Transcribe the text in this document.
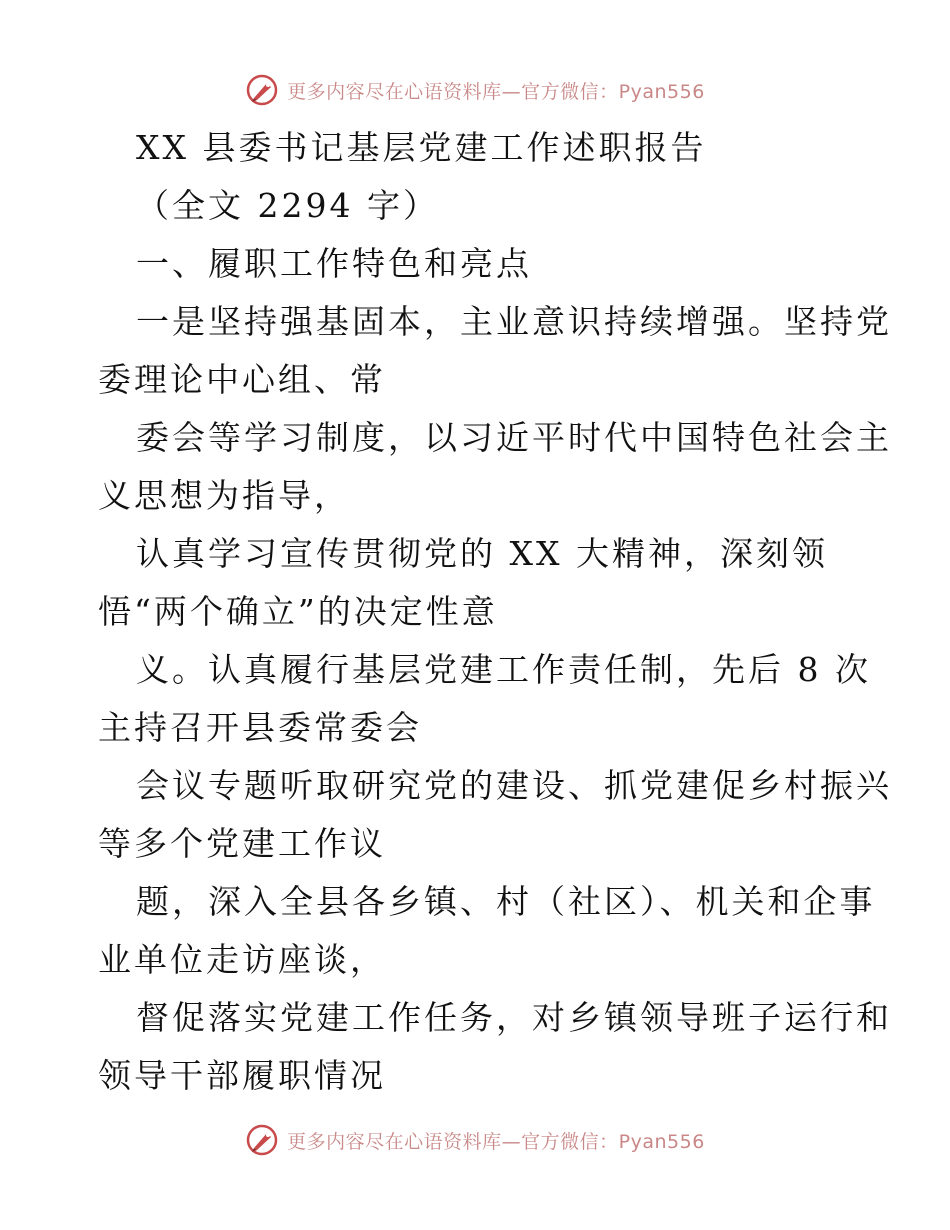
更多内容尽在心语资料库—官方微信：Pyan556
XX 县委书记基层党建工作述职报告
（全文 2294 字）
一、履职工作特色和亮点
一是坚持强基固本，主业意识持续增强。坚持党
委理论中心组、常
委会等学习制度，以习近平时代中国特色社会主
义思想为指导，
认真学习宣传贯彻党的 XX 大精神，深刻领
悟“两个确立”的决定性意
义。认真履行基层党建工作责任制，先后 8 次
主持召开县委常委会
会议专题听取研究党的建设、抓党建促乡村振兴
等多个党建工作议
题，深入全县各乡镇、村（社区）、机关和企事
业单位走访座谈，
督促落实党建工作任务，对乡镇领导班子运行和
领导干部履职情况
更多内容尽在心语资料库—官方微信：Pyan556
